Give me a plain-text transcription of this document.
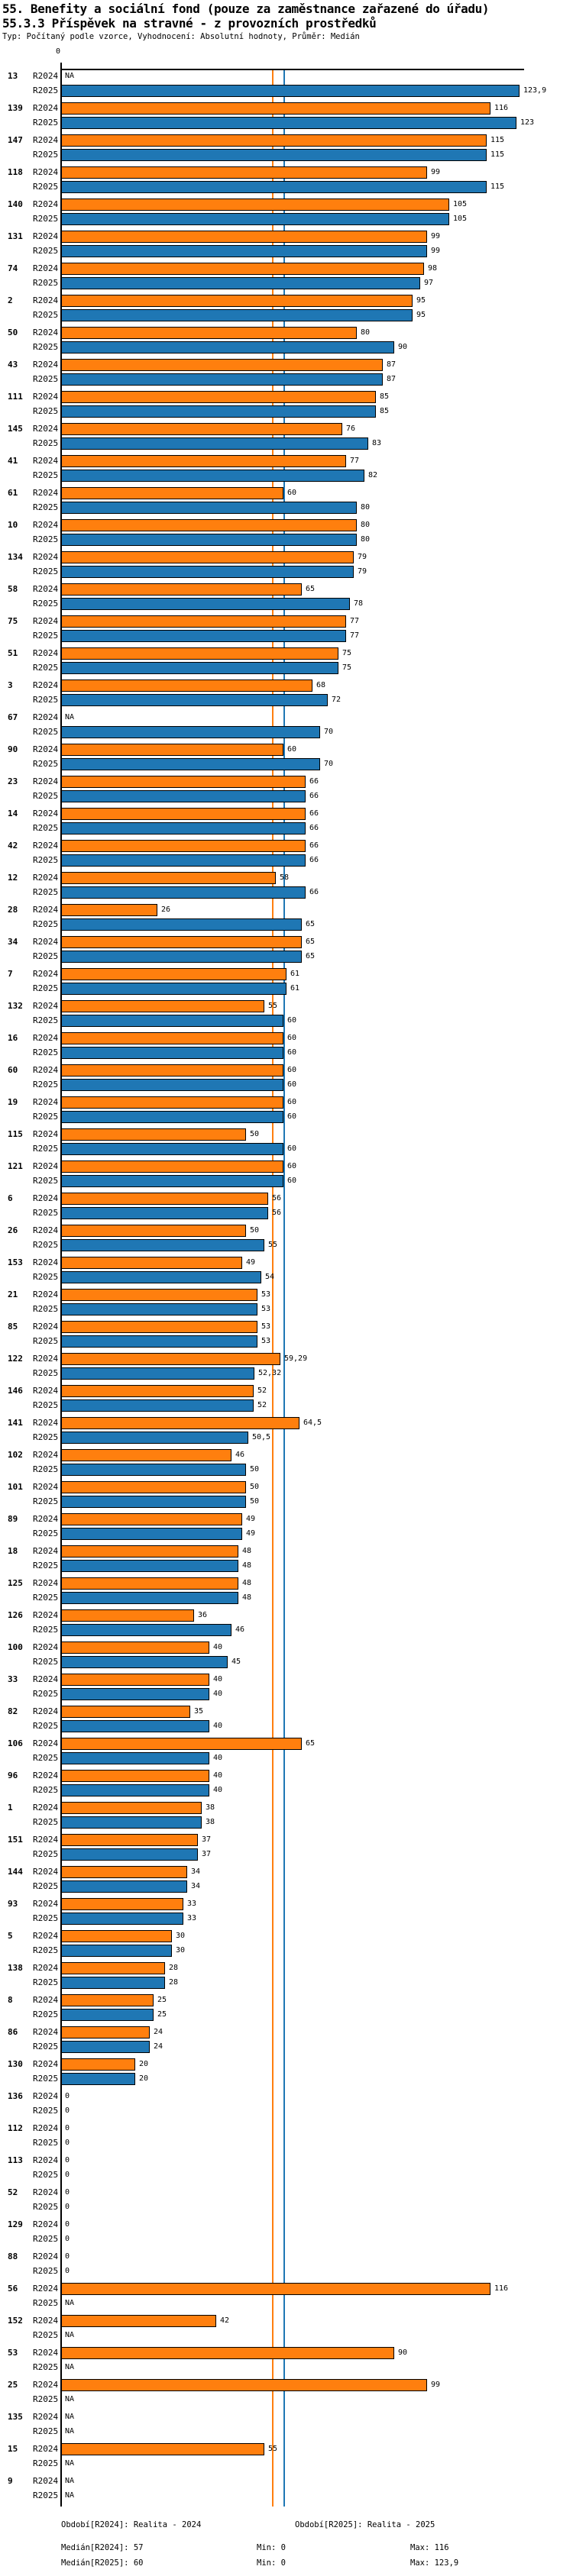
55. Benefity a sociální fond (pouze za zaměstnance zařazené do úřadu)
55.3.3 Příspěvek na stravné - z provozních prostředků
Typ: Počítaný podle vzorce, Vyhodnocení: Absolutní hodnoty, Průměr: Medián
0
13 R2024 NA
R2025	123,9
139 R2024	116
R2025	123
147 R2024	115
R2025	115
118 R2024	99
R2025	115
140 R2024	105
R2025	105
131 R2024	99
R2025	99
74 R2024	98
R2025	97
2 R2024	95
R2025	95
50 R2024	80
R2025	90
43 R2024	87
R2025	87
111 R2024	85
R2025	85
145 R2024	76
R2025	83
41 R2024	77
R2025	82
61 R2024	60
R2025	80
10 R2024	80
R2025	80
134 R2024	79
R2025	79
58 R2024	65
R2025	78
75 R2024	77
R2025	77
51 R2024	75
R2025	75
3 R2024	68
R2025	72
67 R2024 NA
R2025	70
90 R2024	60
R2025	70
23 R2024	66
R2025	66
14 R2024	66
R2025	66
42 R2024	66
R2025	66
12 R2024	58
R2025	66
28 R2024	26
R2025	65
34 R2024	65
R2025	65
7 R2024	61
R2025	61
132 R2024	55
R2025	60
16 R2024	60
R2025	60
60 R2024	60
R2025	60
19 R2024	60
R2025	60
115 R2024	50
R2025	60
121 R2024	60
R2025	60
6 R2024	56
R2025	56
26 R2024	50
R2025	55
153 R2024	49
R2025	54
21 R2024	53
R2025	53
85 R2024	53
R2025	53
122 R2024	59,29
R2025	52,32
146 R2024	52
R2025	52
141 R2024	64,5
R2025	50,5
102 R2024	46
R2025	50
101 R2024	50
R2025	50
89 R2024	49
R2025	49
18 R2024	48
R2025	48
125 R2024	48
R2025	48
126 R2024	36
R2025	46
100 R2024	40
R2025	45
33 R2024	40
R2025	40
82 R2024	35
R2025	40
106 R2024	65
R2025	40
96 R2024	40
R2025	40
1 R2024	38
R2025	38
151 R2024	37
R2025	37
144 R2024	34
R2025	34
93 R2024	33
R2025	33
5 R2024	30
R2025	30
138 R2024	28
R2025	28
8 R2024	25
R2025	25
86 R2024	24
R2025	24
130 R2024	20
R2025	20
136 R2024 0
R2025 0
112 R2024 0
R2025 0
113 R2024 0
R2025 0
52 R2024 0
R2025 0
129 R2024 0
R2025 0
88 R2024 0
R2025 0
56 R2024	116
R2025 NA
152 R2024	42
R2025 NA
53 R2024	90
R2025 NA
25 R2024	99
R2025 NA
135 R2024 NA
R2025 NA
15 R2024	55
R2025 NA
9 R2024 NA
R2025 NA
Období[R2024]: Realita - 2024	Období[R2025]: Realita - 2025
Medián[R2024]: 57	Min: 0	Max: 116
Medián[R2025]: 60	Min: 0	Max: 123,9
